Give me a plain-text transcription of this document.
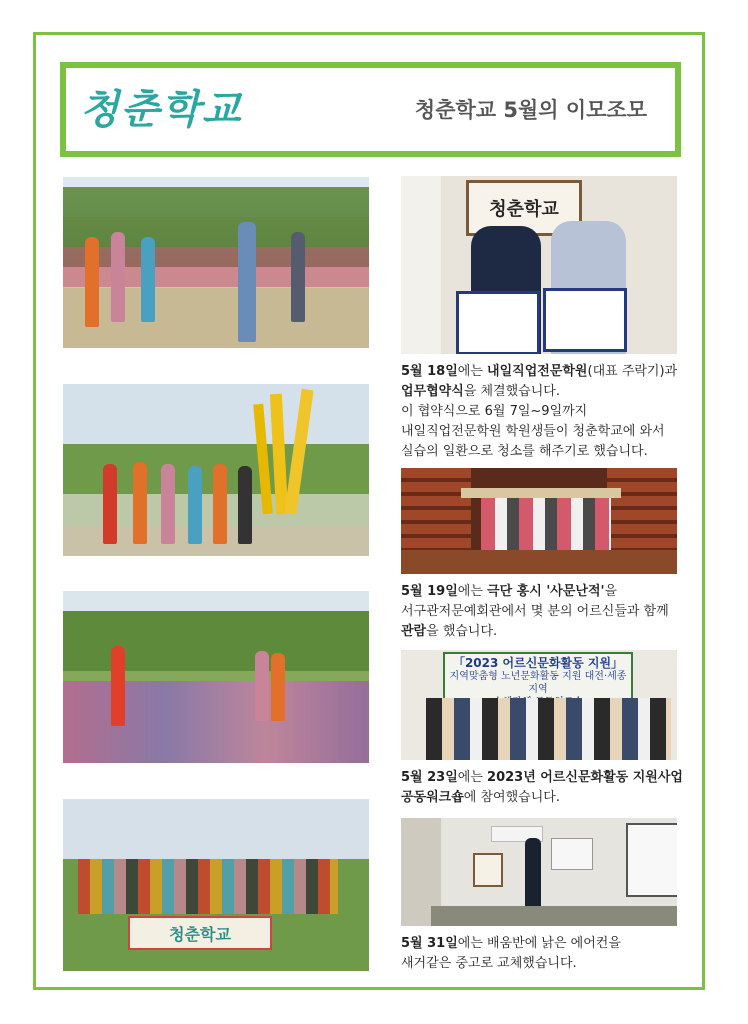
청춘학교	청춘학교 5월의 이모조모
청춘학교
청춘학교
5월 18일에는 내일직업전문학원(대표 주락기)과
업무협약식을 체결했습니다.
이 협약식으로 6월 7일~9일까지
내일직업전문학원 학원생들이 청춘학교에 와서
실습의 일환으로 청소를 해주기로 했습니다.
5월 19일에는 극단 홍시 '사문난적'을
서구관저문예회관에서 몇 분의 어르신들과 함께
관람을 했습니다.
「2023 어르신문화활동 지원」
지역맞춤형 노년문화활동 지원 대전·세종지역
5월 23일에는 2023년 어르신문화활동 지원사업
공동워크숍에 참여했습니다.
5월 31일에는 배움반에 낡은 에어컨을
새거같은 중고로 교체했습니다.
